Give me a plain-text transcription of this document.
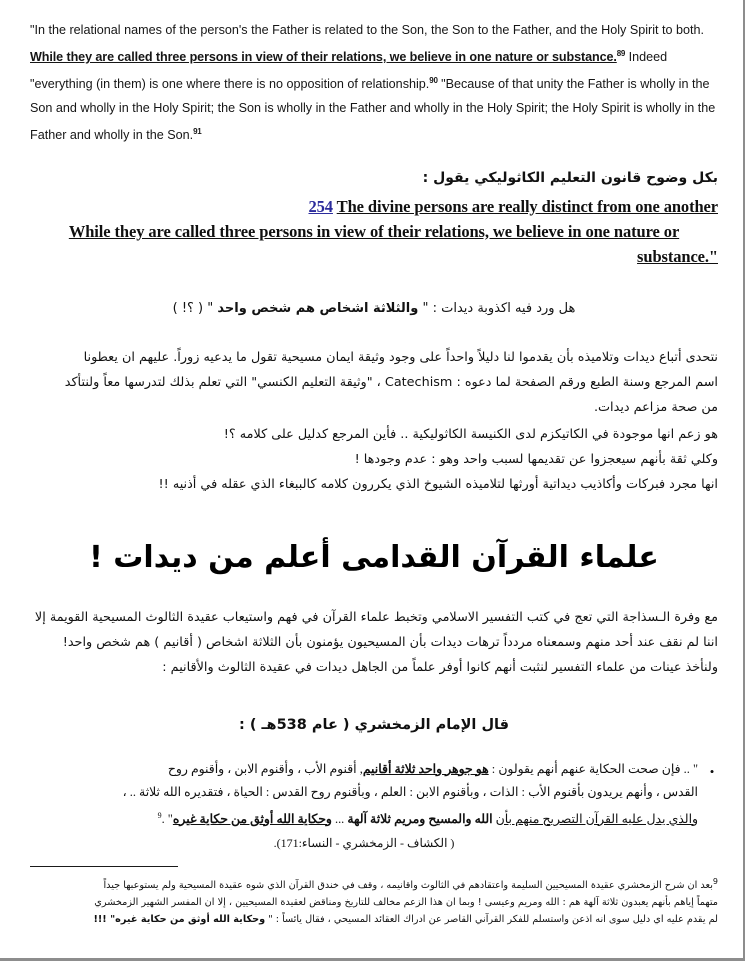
"In the relational names of the person's the Father is related to the Son, the Son to the Father, and the Holy Spirit to both. While they are called three persons in view of their relations, we believe in one nature or substance.$^{89}$ Indeed "everything (in them) is one where there is no opposition of relationship.$^{90}$ "Because of that unity the Father is wholly in the Son and wholly in the Holy Spirit; the Son is wholly in the Father and wholly in the Holy Spirit; the Holy Spirit is wholly in the Father and wholly in the Son.$^{91}$
بكل وضوح قانون التعليم الكاثوليكي يقول :
254 The divine persons are really distinct from one another
While they are called three persons in view of their relations, we believe in one nature or
substance."
هل ورد فيه اكذوبة ديدات : " والثلاثة اشخاص هم شخص واحد " ( ؟! )

نتحدى أتباع ديدات وتلاميذه بأن يقدموا لنا دليلاً واحداً على وجود وثيقة ايمان مسيحية تقول ما يدعيه زوراً. عليهم ان يعطونا

اسم المرجع وسنة الطبع ورقم الصفحة لما دعوه : Catechism ، "وثيقة التعليم الكنسي" التي تعلم بذلك لتدرسها معاً ولنتأكد

من صحة مزاعم ديدات.

هو زعم انها موجودة في الكاتيكزم لدى الكنيسة الكاثوليكية .. فأين المرجع كدليل على كلامه ؟!
وكلي ثقة بأنهم سيعجزوا عن تقديمها لسبب واحد وهو : عدم وجودها !
انها مجرد فبركات وأكاذيب ديداتية أورثها لتلاميذه الشيوخ الذي يكررون كلامه كالببغاء الذي عقله في أذنيه !!
علماء القرآن القدامى أعلم من ديدات !

مع وفرة الـسذاجة التي تعج في كتب التفسير الاسلامي وتخبط علماء القرآن في فهم واستيعاب عقيدة الثالوث المسيحية القويمة إلا

اننا لم نقف عند أحد منهم وسمعناه مردداً ترهات ديدات بأن المسيحيون يؤمنون بأن الثلاثة اشخاص ( أقانيم ) هم شخص واحد!

ولنأخذ عينات من علماء التفسير لنثبت أنهم كانوا أوفر علماً من الجاهل ديدات في عقيدة الثالوث والأقانيم :

قال الإمام الزمخشري ( عام 538هـ ) :
•
" .. فإن صحت الحكاية عنهم أنهم يقولون : هو جوهر واحد ثلاثة أقانيم, أقنوم الأب ، وأقنوم الابن ، وأقنوم روح
القدس ، وأنهم يريدون بأقنوم الأب : الذات ، وبأقنوم الابن : العلم ، وبأقنوم روح القدس : الحياة ، فتقديره الله ثلاثة .. ،
والذي يدل عليه القرآن التصريح منهم بأن الله والمسيح ومريم ثلاثة آلهة ... وحكاية الله أوثق من حكاية غيره" .$^9$
( الكشاف - الزمخشري - النساء:171).
$^9$بعد ان شرح الزمخشري عقيدة المسيحيين السليمة واعتقادهم في الثالوث واقانيمه ، وقف في خندق القرآن الذي شوه عقيدة المسيحية ولم يستوعبها جيداً
متهماً إياهم بأنهم يعبدون ثلاثة آلهة هم : الله ومريم وعيسى ! وبما ان هذا الزعم مخالف للتاريخ ومناقض لعقيدة المسيحيين ، إلا ان المفسر الشهير الزمخشري
لم يقدم عليه اي دليل سوى انه اذعن واستسلم للفكر القرآني القاصر عن ادراك العقائد المسيحي ، فقال يائساً : " وحكاية الله أوثق من حكاية غيره" !!!
